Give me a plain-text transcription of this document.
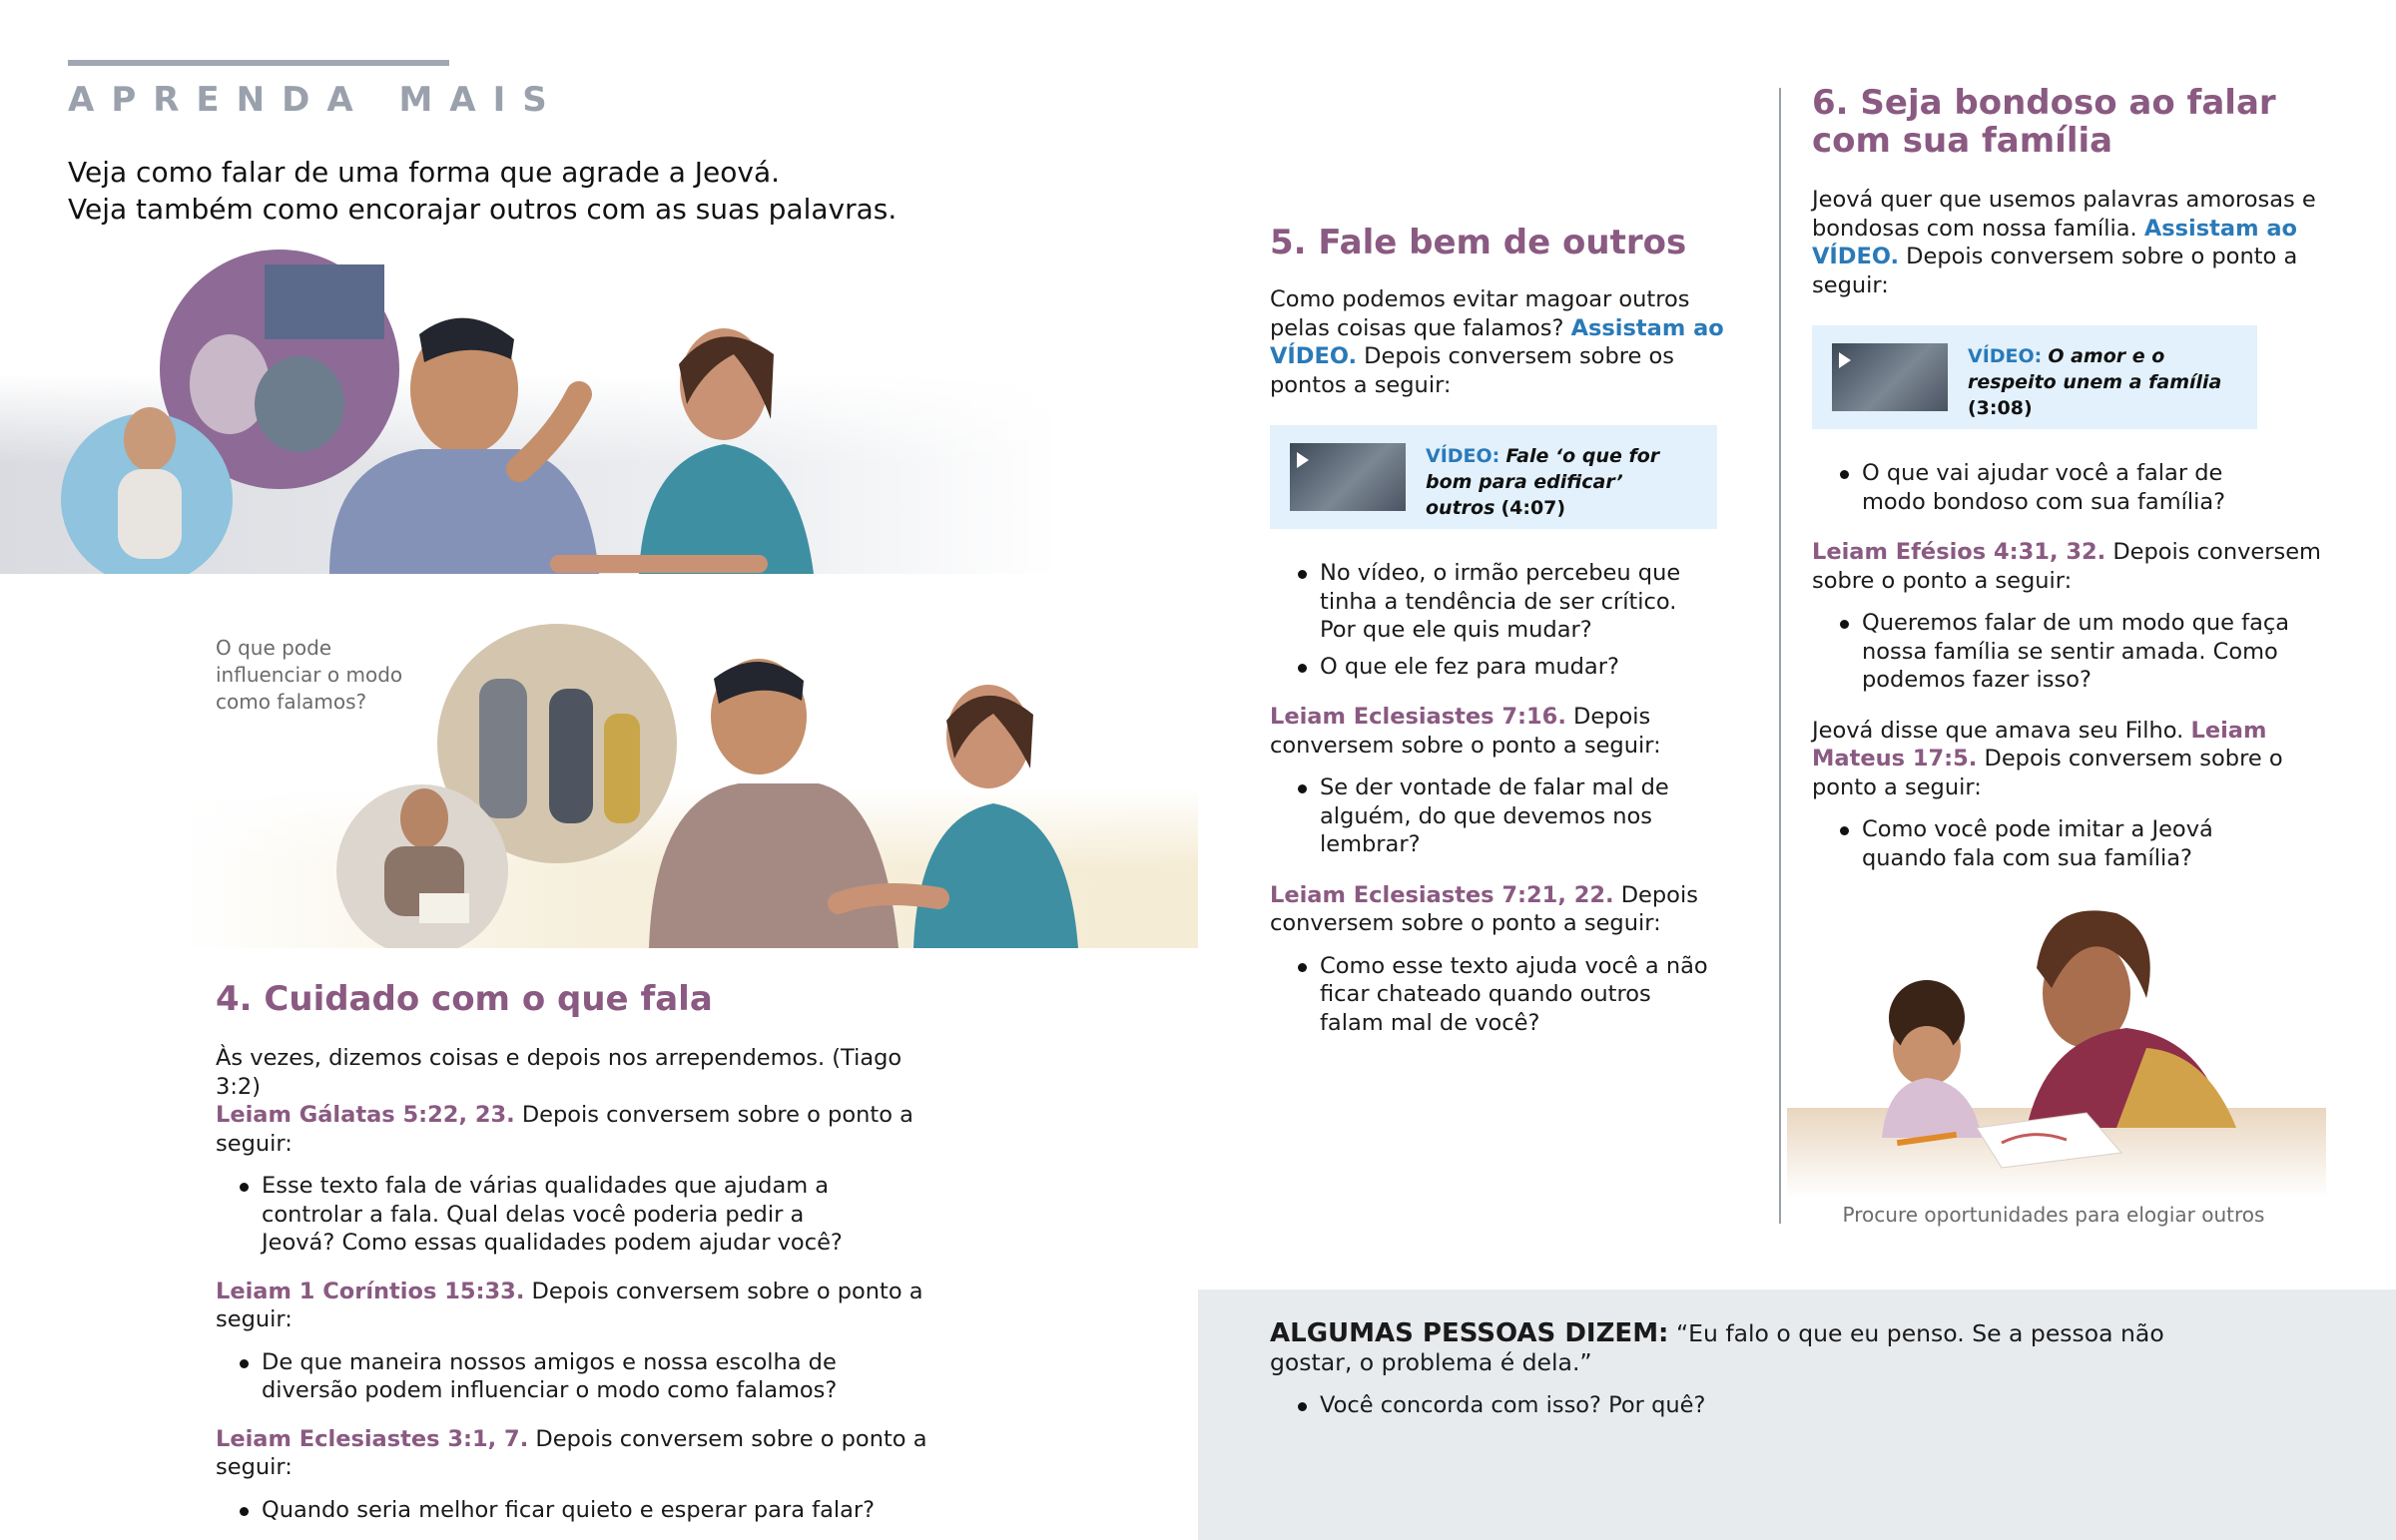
APRENDA MAIS
Veja como falar de uma forma que agrade a Jeová.
Veja também como encorajar outros com as suas palavras.
O que pode influenciar o modo como falamos?
4. Cuidado com o que fala
Às vezes, dizemos coisas e depois nos arrependemos. (Tiago 3:2)
Leiam Gálatas 5:22, 23. Depois conversem sobre o ponto a seguir:
Esse texto fala de várias qualidades que ajudam a controlar a fala. Qual delas você poderia pedir a Jeová? Como essas qualidades podem ajudar você?
Leiam 1 Coríntios 15:33. Depois conversem sobre o ponto a seguir:
De que maneira nossos amigos e nossa escolha de diversão podem influenciar o modo como falamos?
Leiam Eclesiastes 3:1, 7. Depois conversem sobre o ponto a seguir:
Quando seria melhor ficar quieto e esperar para falar?
5. Fale bem de outros
Como podemos evitar magoar outros pelas coisas que falamos? Assistam ao VÍDEO. Depois conversem sobre os pontos a seguir:
VÍDEO: Fale ‘o que for bom para edificar’ outros (4:07)
No vídeo, o irmão percebeu que tinha a tendência de ser crítico. Por que ele quis mudar?
O que ele fez para mudar?
Leiam Eclesiastes 7:16. Depois conversem sobre o ponto a seguir:
Se der vontade de falar mal de alguém, do que devemos nos lembrar?
Leiam Eclesiastes 7:21, 22. Depois conversem sobre o ponto a seguir:
Como esse texto ajuda você a não ficar chateado quando outros falam mal de você?
6. Seja bondoso ao falar
com sua família
Jeová quer que usemos palavras amorosas e bondosas com nossa família. Assistam ao VÍDEO. Depois conversem sobre o ponto a seguir:
VÍDEO: O amor e o respeito unem a família (3:08)
O que vai ajudar você a falar de modo bondoso com sua família?
Leiam Efésios 4:31, 32. Depois conversem sobre o ponto a seguir:
Queremos falar de um modo que faça nossa família se sentir amada. Como podemos fazer isso?
Jeová disse que amava seu Filho. Leiam Mateus 17:5. Depois conversem sobre o ponto a seguir:
Como você pode imitar a Jeová quando fala com sua família?
Procure oportunidades para elogiar outros
ALGUMAS PESSOAS DIZEM: “Eu falo o que eu penso. Se a pessoa não gostar, o problema é dela.”
Você concorda com isso? Por quê?
